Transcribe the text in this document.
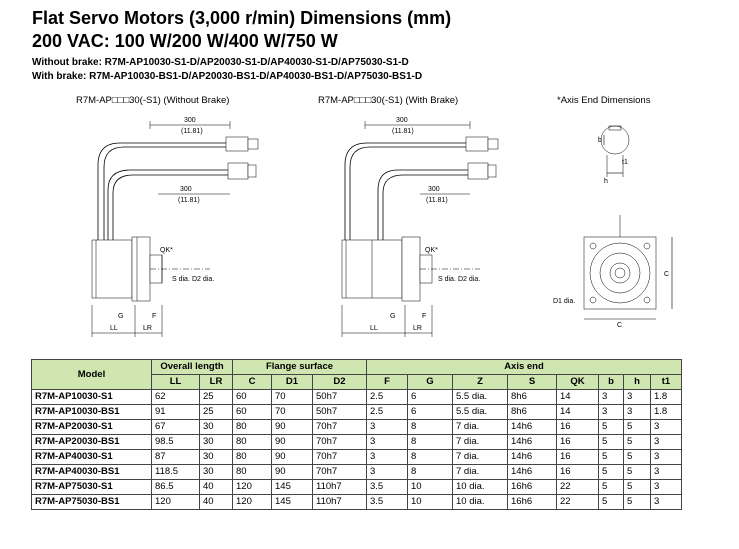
Flat Servo Motors (3,000 r/min) Dimensions (mm)
200 VAC: 100 W/200 W/400 W/750 W
Without brake: R7M-AP10030-S1-D/AP20030-S1-D/AP40030-S1-D/AP75030-S1-D
With brake: R7M-AP10030-BS1-D/AP20030-BS1-D/AP40030-BS1-D/AP75030-BS1-D
R7M-AP□□□30(-S1) (Without Brake)	R7M-AP□□□30(-S1) (With Brake)	*Axis End Dimensions
300
(11.81)
300
(11.81)
S dia. D2 dia.
QK*
LL	LR
G	F
300
(11.81)
300
(11.81)
S dia. D2 dia.
QK*
LL	LR
G	F
b
t1
h
C
C
D1 dia.
Model	Overall length		Flange surface			Axis end							
	LL	LR	C	D1	D2	F	G	Z	S	QK	b	h	t1
R7M-AP10030-S1	62	25	60	70	50h7	2.5	6	5.5 dia.	8h6	14	3	3	1.8
R7M-AP10030-BS1	91	25	60	70	50h7	2.5	6	5.5 dia.	8h6	14	3	3	1.8
R7M-AP20030-S1	67	30	80	90	70h7	3	8	7 dia.	14h6	16	5	5	3
R7M-AP20030-BS1	98.5	30	80	90	70h7	3	8	7 dia.	14h6	16	5	5	3
R7M-AP40030-S1	87	30	80	90	70h7	3	8	7 dia.	14h6	16	5	5	3
R7M-AP40030-BS1	118.5	30	80	90	70h7	3	8	7 dia.	14h6	16	5	5	3
R7M-AP75030-S1	86.5	40	120	145	110h7	3.5	10	10 dia.	16h6	22	5	5	3
R7M-AP75030-BS1	120	40	120	145	110h7	3.5	10	10 dia.	16h6	22	5	5	3
